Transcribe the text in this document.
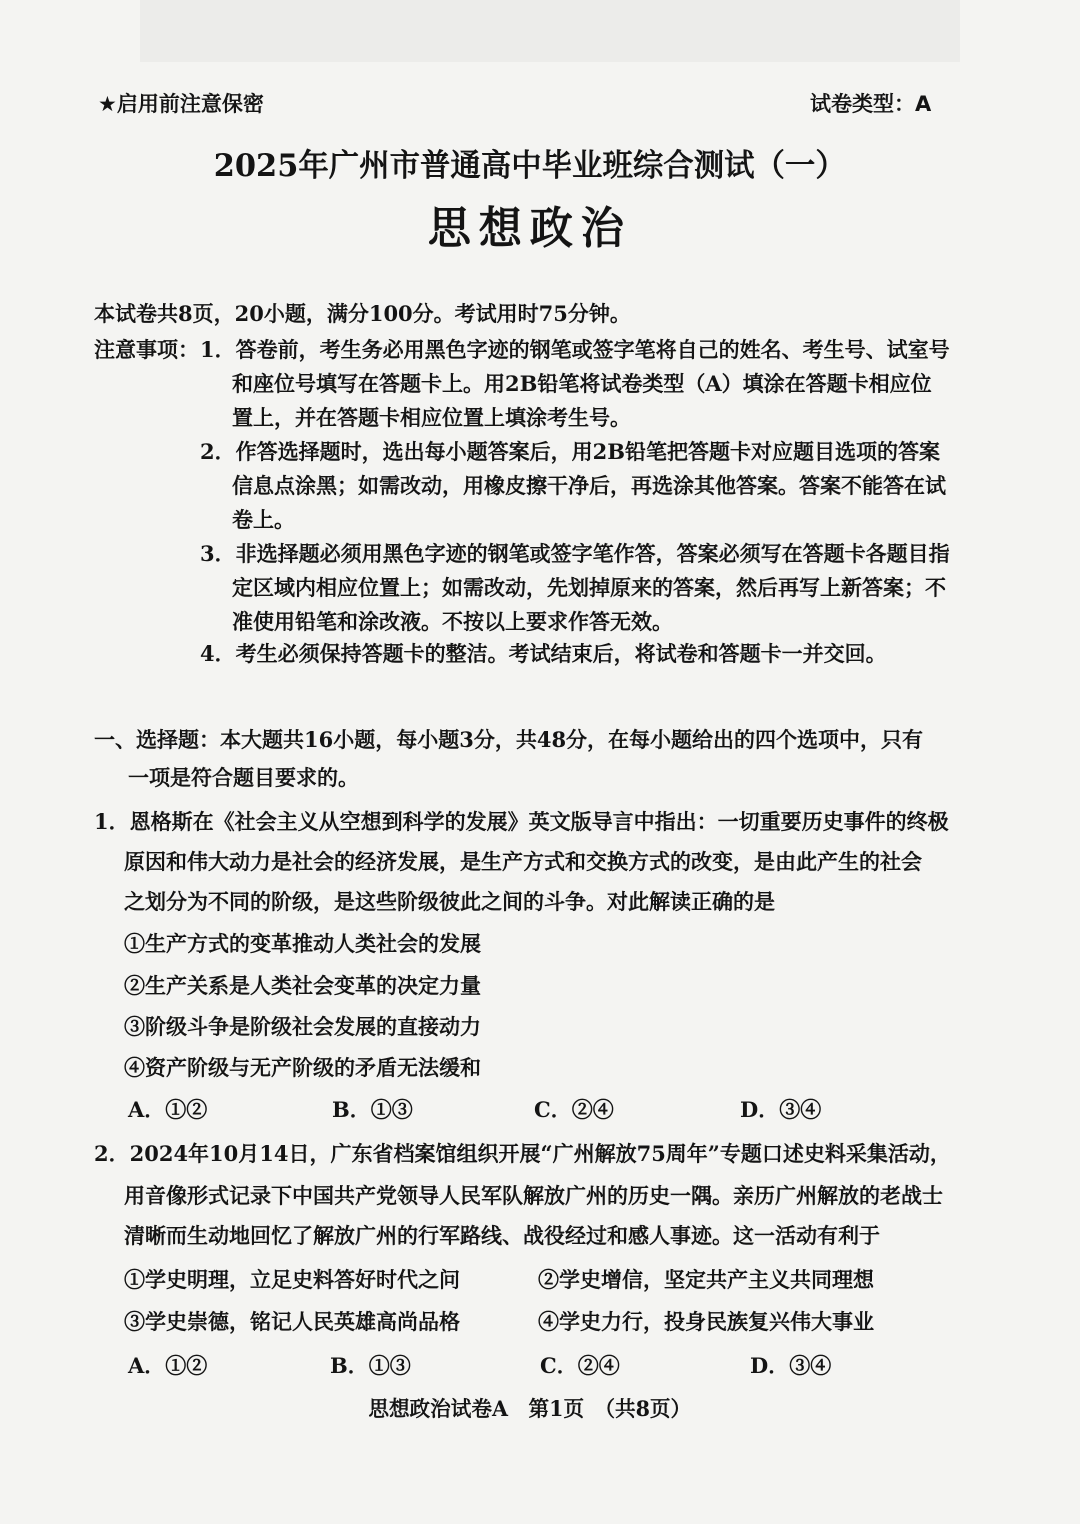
★启用前注意保密	试卷类型：A
2025年广州市普通高中毕业班综合测试（一）
思想政治
本试卷共8页，20小题，满分100分。考试用时75分钟。
注意事项： 1．答卷前，考生务必用黑色字迹的钢笔或签字笔将自己的姓名、考生号、试室号
和座位号填写在答题卡上。用2B铅笔将试卷类型（A）填涂在答题卡相应位
置上，并在答题卡相应位置上填涂考生号。
2．作答选择题时，选出每小题答案后，用2B铅笔把答题卡对应题目选项的答案
信息点涂黑；如需改动，用橡皮擦干净后，再选涂其他答案。答案不能答在试
卷上。
3．非选择题必须用黑色字迹的钢笔或签字笔作答，答案必须写在答题卡各题目指
定区域内相应位置上；如需改动，先划掉原来的答案，然后再写上新答案；不
准使用铅笔和涂改液。不按以上要求作答无效。
4．考生必须保持答题卡的整洁。考试结束后，将试卷和答题卡一并交回。
一、选择题：本大题共16小题，每小题3分，共48分，在每小题给出的四个选项中，只有
一项是符合题目要求的。
1．恩格斯在《社会主义从空想到科学的发展》英文版导言中指出：一切重要历史事件的终极
原因和伟大动力是社会的经济发展，是生产方式和交换方式的改变，是由此产生的社会
之划分为不同的阶级，是这些阶级彼此之间的斗争。对此解读正确的是
①生产方式的变革推动人类社会的发展
②生产关系是人类社会变革的决定力量
③阶级斗争是阶级社会发展的直接动力
④资产阶级与无产阶级的矛盾无法缓和
A．①②	B．①③	C．②④	D．③④
2．2024年10月14日，广东省档案馆组织开展“广州解放75周年”专题口述史料采集活动，
用音像形式记录下中国共产党领导人民军队解放广州的历史一隅。亲历广州解放的老战士
清晰而生动地回忆了解放广州的行军路线、战役经过和感人事迹。这一活动有利于
①学史明理，立足史料答好时代之问	②学史增信，坚定共产主义共同理想
③学史崇德，铭记人民英雄高尚品格	④学史力行，投身民族复兴伟大事业
A．①②	B．①③	C．②④	D．③④
思想政治试卷A　第1页　（共8页）
